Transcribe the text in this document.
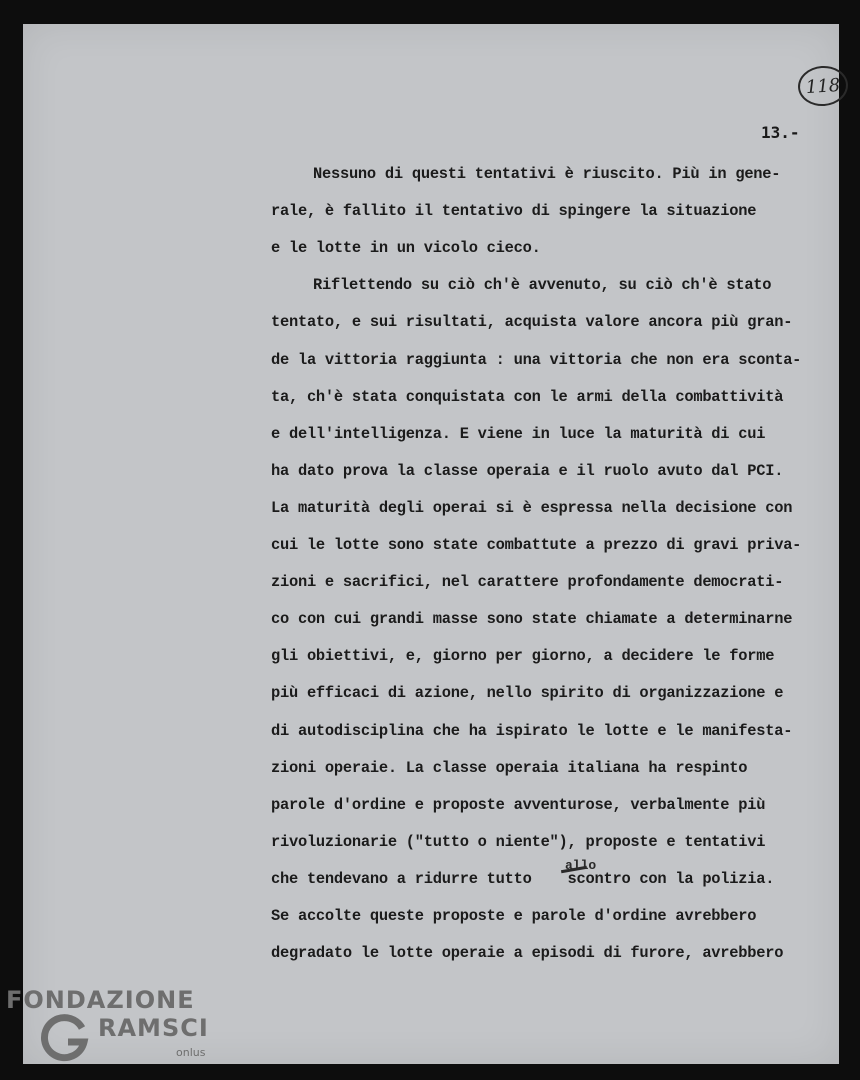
118
13.-
Nessuno di questi tentativi è riuscito. Più in gene-
rale, è fallito il tentativo di spingere la situazione
e le lotte in un vicolo cieco.
Riflettendo su ciò ch'è avvenuto, su ciò ch'è stato
tentato, e sui risultati, acquista valore ancora più gran-
de la vittoria raggiunta : una vittoria che non era sconta-
ta, ch'è stata conquistata con le armi della combattività
e dell'intelligenza. E viene in luce la maturità di cui
ha dato prova la classe operaia e il ruolo avuto dal PCI.
La maturità degli operai si è espressa nella decisione con
cui le lotte sono state combattute a prezzo di gravi priva-
zioni e sacrifici, nel carattere profondamente democrati-
co con cui grandi masse sono state chiamate a determinarne
gli obiettivi, e, giorno per giorno, a decidere le forme
più efficaci di azione, nello spirito di organizzazione e
di autodisciplina che ha ispirato le lotte e le manifesta-
zioni operaie. La classe operaia italiana ha respinto
parole d'ordine e proposte avventurose, verbalmente più
rivoluzionarie ("tutto o niente"), proposte e tentativi
che tendevano a ridurre tutto    scontro con la polizia.
Se accolte queste proposte e parole d'ordine avrebbero
degradato le lotte operaie a episodi di furore, avrebbero
allo
FONDAZIONE
RAMSCI
onlus
